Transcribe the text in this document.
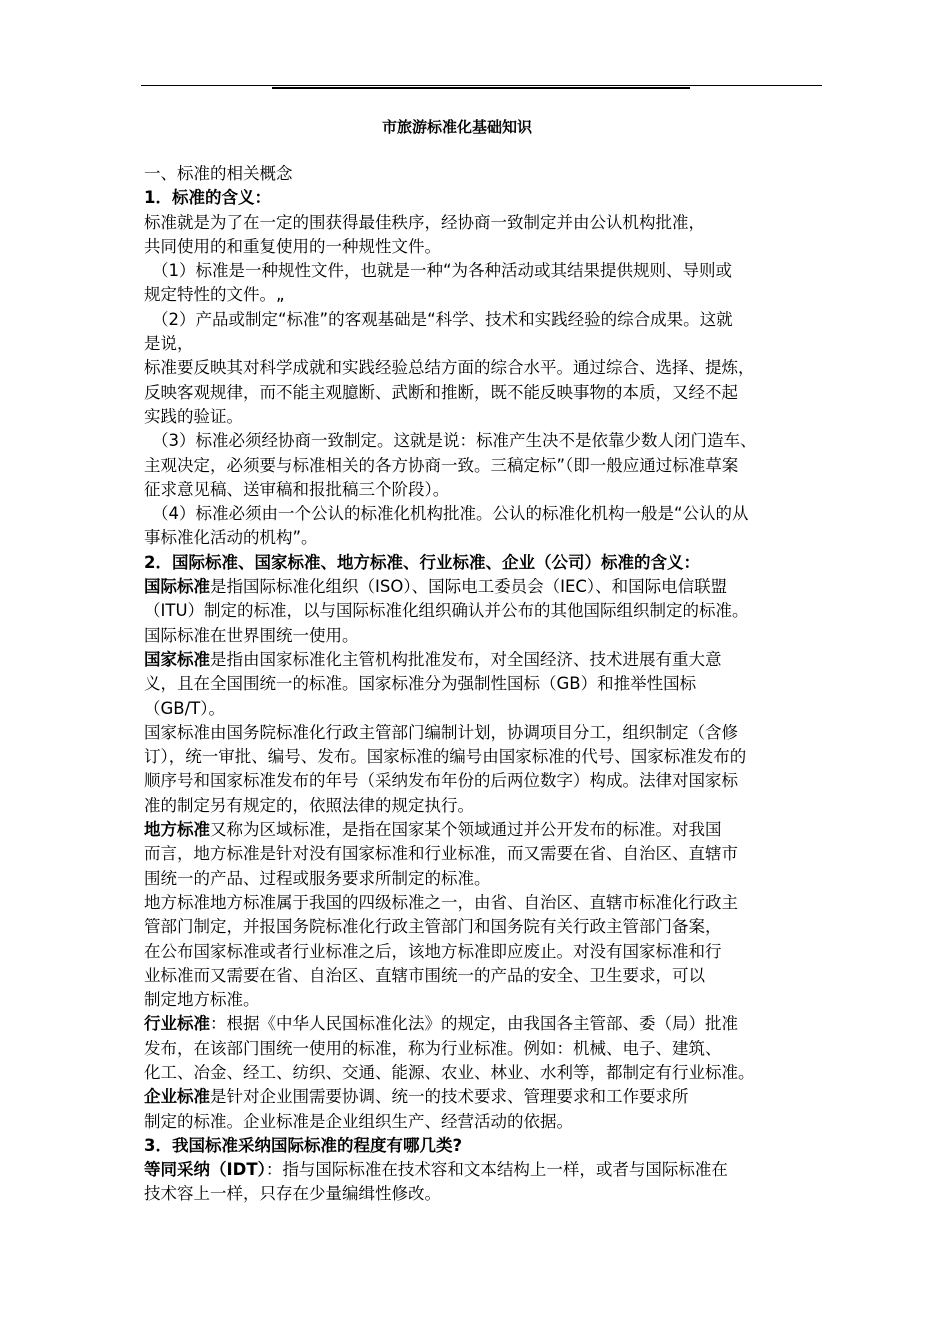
市旅游标准化基础知识
一、标准的相关概念
1．标准的含义：
标准就是为了在一定的围获得最佳秩序，经协商一致制定并由公认机构批准，
共同使用的和重复使用的一种规性文件。
（1）标准是一种规性文件，也就是一种“为各种活动或其结果提供规则、导则或
规定特性的文件。„
（2）产品或制定“标准”的客观基础是“科学、技术和实践经验的综合成果。这就
是说，
标准要反映其对科学成就和实践经验总结方面的综合水平。通过综合、选择、提炼，
反映客观规律，而不能主观臆断、武断和推断，既不能反映事物的本质，又经不起
实践的验证。
（3）标准必须经协商一致制定。这就是说：标准产生决不是依靠少数人闭门造车、
主观决定，必须要与标准相关的各方协商一致。三稿定标”（即一般应通过标准草案
征求意见稿、送审稿和报批稿三个阶段）。
（4）标准必须由一个公认的标准化机构批准。公认的标准化机构一般是“公认的从
事标准化活动的机构”。
2．国际标准、国家标准、地方标准、行业标准、企业（公司）标准的含义：
国际标准是指国际标准化组织（ISO）、国际电工委员会（IEC）、和国际电信联盟
（ITU）制定的标准，以与国际标准化组织确认并公布的其他国际组织制定的标准。
国际标准在世界围统一使用。
国家标准是指由国家标准化主管机构批准发布，对全国经济、技术进展有重大意
义，且在全国围统一的标准。国家标准分为强制性国标（GB）和推举性国标
（GB/T）。
国家标准由国务院标准化行政主管部门编制计划，协调项目分工，组织制定（含修
订），统一审批、编号、发布。国家标准的编号由国家标准的代号、国家标准发布的
顺序号和国家标准发布的年号（采纳发布年份的后两位数字）构成。法律对国家标
准的制定另有规定的，依照法律的规定执行。
地方标准又称为区域标准，是指在国家某个领域通过并公开发布的标准。对我国
而言，地方标准是针对没有国家标准和行业标准，而又需要在省、自治区、直辖市
围统一的产品、过程或服务要求所制定的标准。
地方标准地方标准属于我国的四级标准之一，由省、自治区、直辖市标准化行政主
管部门制定，并报国务院标准化行政主管部门和国务院有关行政主管部门备案，
在公布国家标准或者行业标准之后，该地方标准即应废止。对没有国家标准和行
业标准而又需要在省、自治区、直辖市围统一的产品的安全、卫生要求，可以
制定地方标准。
行业标准：根据《中华人民国标准化法》的规定，由我国各主管部、委（局）批准
发布，在该部门围统一使用的标准，称为行业标准。例如：机械、电子、建筑、
化工、冶金、经工、纺织、交通、能源、农业、林业、水利等，都制定有行业标准。
企业标准是针对企业围需要协调、统一的技术要求、管理要求和工作要求所
制定的标准。企业标准是企业组织生产、经营活动的依据。
3．我国标准采纳国际标准的程度有哪几类?
等同采纳（IDT）：指与国际标准在技术容和文本结构上一样，或者与国际标准在
技术容上一样，只存在少量编缉性修改。
